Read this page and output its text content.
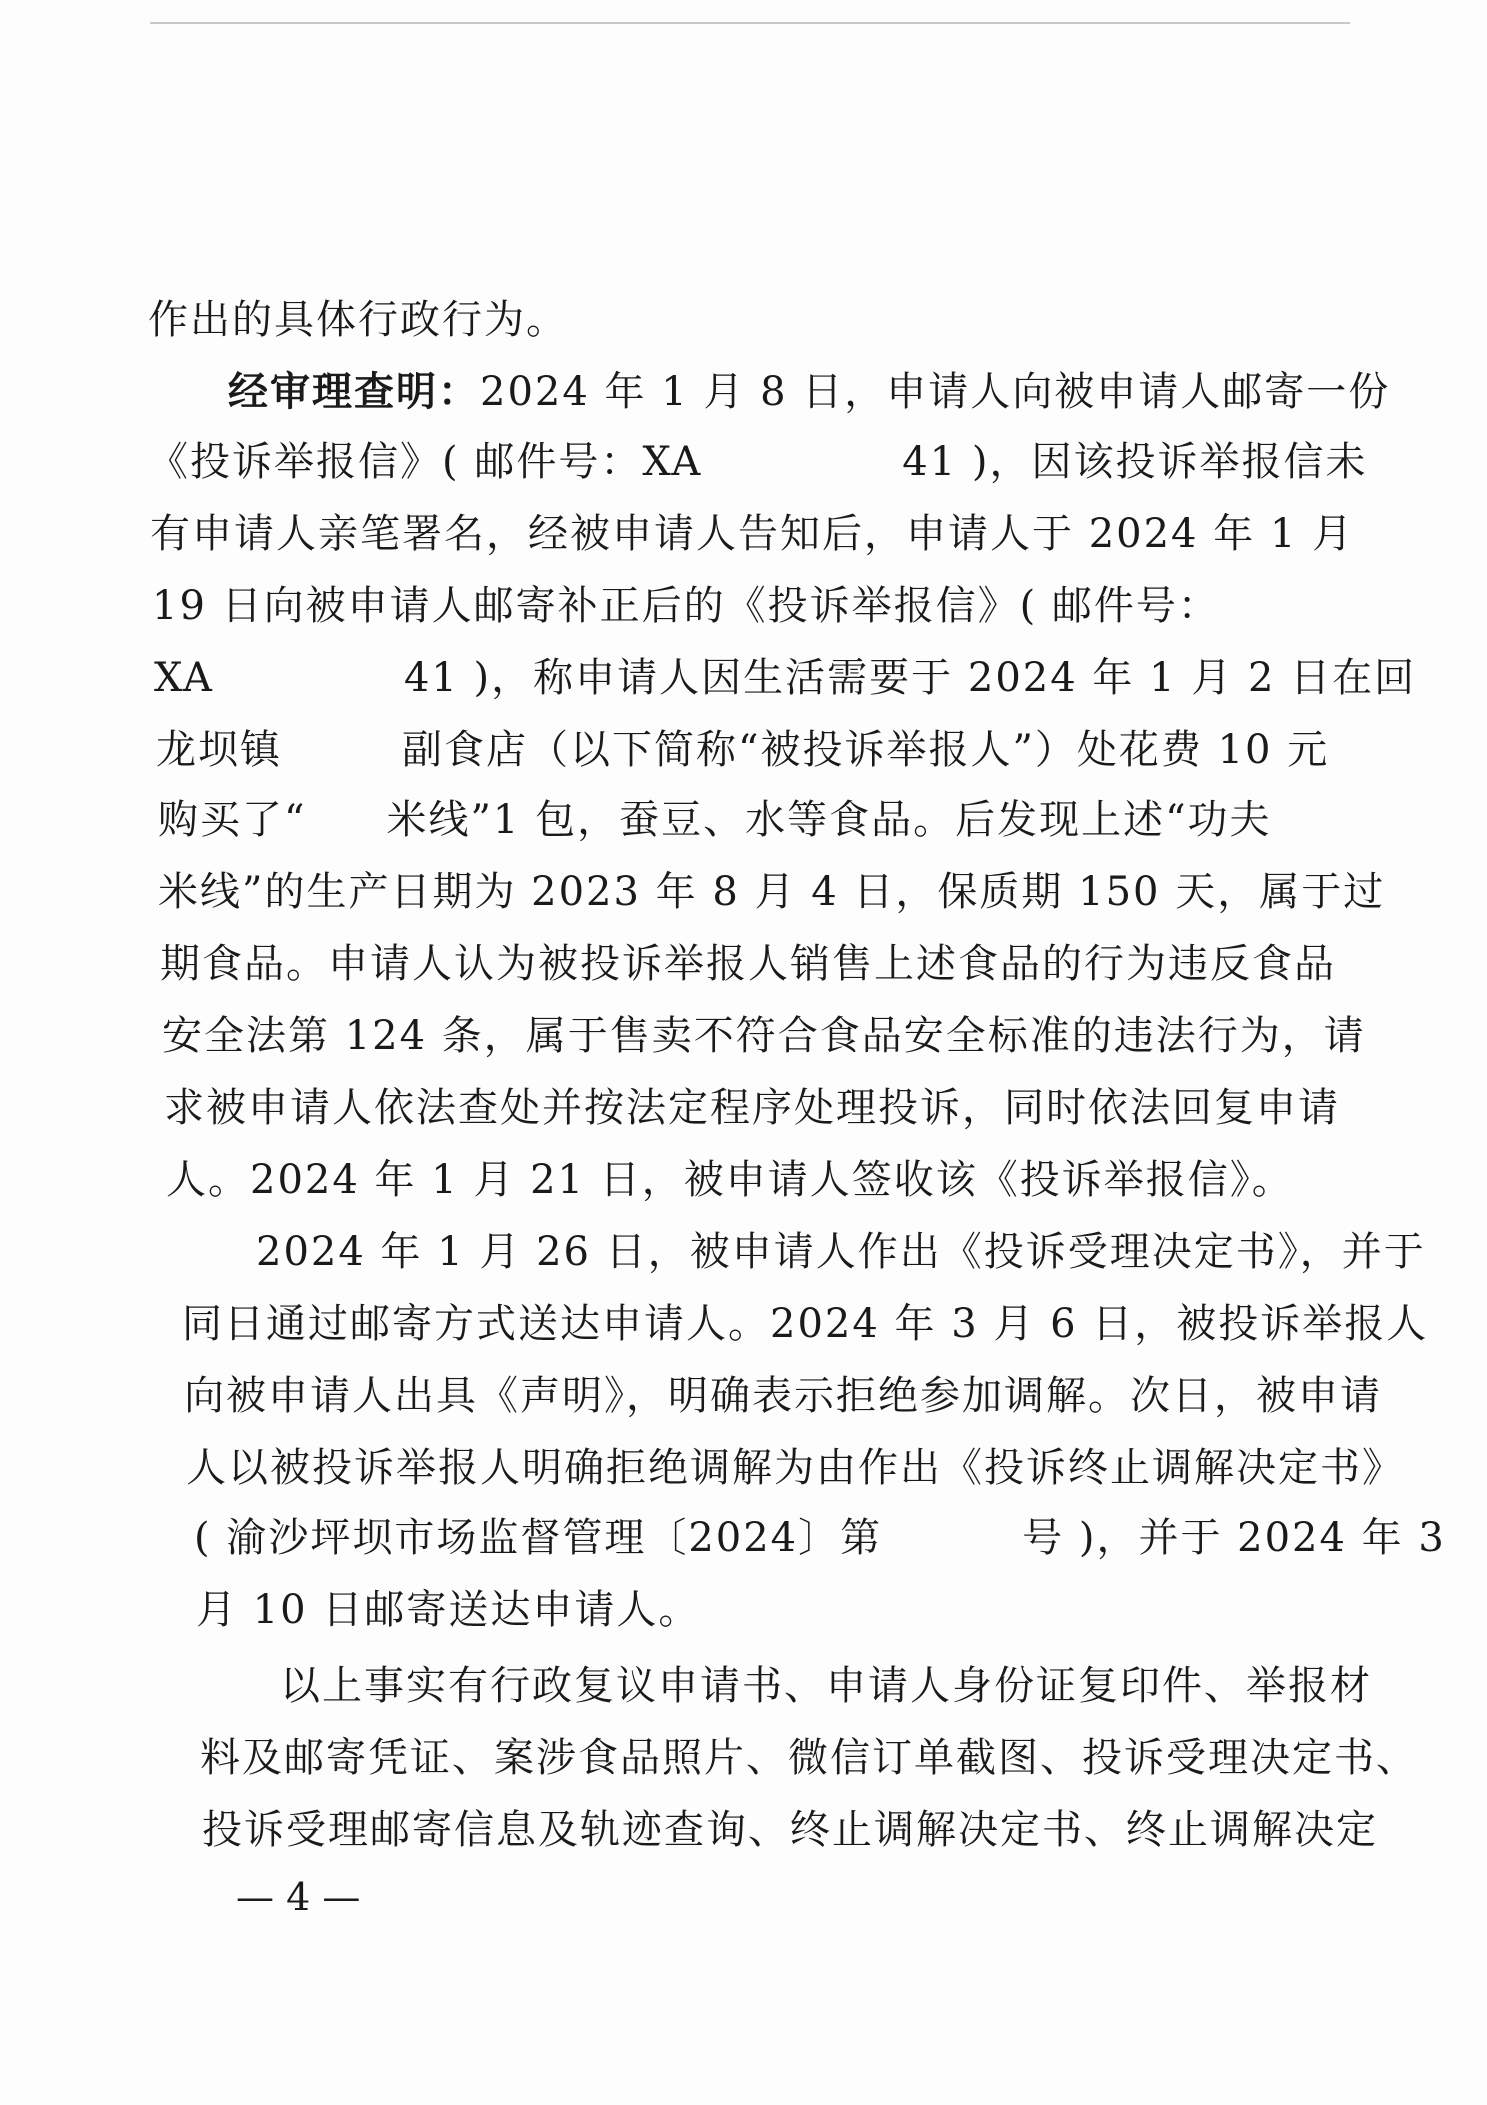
作出的具体行政行为。
经审理查明：2024 年 1 月 8 日，申请人向被申请人邮寄一份
《投诉举报信》( 邮件号：XA	41 )，因该投诉举报信未
有申请人亲笔署名，经被申请人告知后，申请人于 2024 年 1 月
19 日向被申请人邮寄补正后的《投诉举报信》( 邮件号：
XA	41 )，称申请人因生活需要于 2024 年 1 月 2 日在回
龙坝镇	副食店（以下简称“被投诉举报人”）处花费 10 元
购买了“ 米线”1 包，蚕豆、水等食品。后发现上述“功夫
米线”的生产日期为 2023 年 8 月 4 日，保质期 150 天，属于过
期食品。申请人认为被投诉举报人销售上述食品的行为违反食品
安全法第 124 条，属于售卖不符合食品安全标准的违法行为，请
求被申请人依法查处并按法定程序处理投诉，同时依法回复申请
人。2024 年 1 月 21 日，被申请人签收该《投诉举报信》。
2024 年 1 月 26 日，被申请人作出《投诉受理决定书》，并于
同日通过邮寄方式送达申请人。2024 年 3 月 6 日，被投诉举报人
向被申请人出具《声明》，明确表示拒绝参加调解。次日，被申请
人以被投诉举报人明确拒绝调解为由作出《投诉终止调解决定书》
( 渝沙坪坝市场监督管理〔2024〕第	号 )，并于 2024 年 3
月 10 日邮寄送达申请人。
以上事实有行政复议申请书、申请人身份证复印件、举报材
料及邮寄凭证、案涉食品照片、微信订单截图、投诉受理决定书、
投诉受理邮寄信息及轨迹查询、终止调解决定书、终止调解决定
— 4 —
